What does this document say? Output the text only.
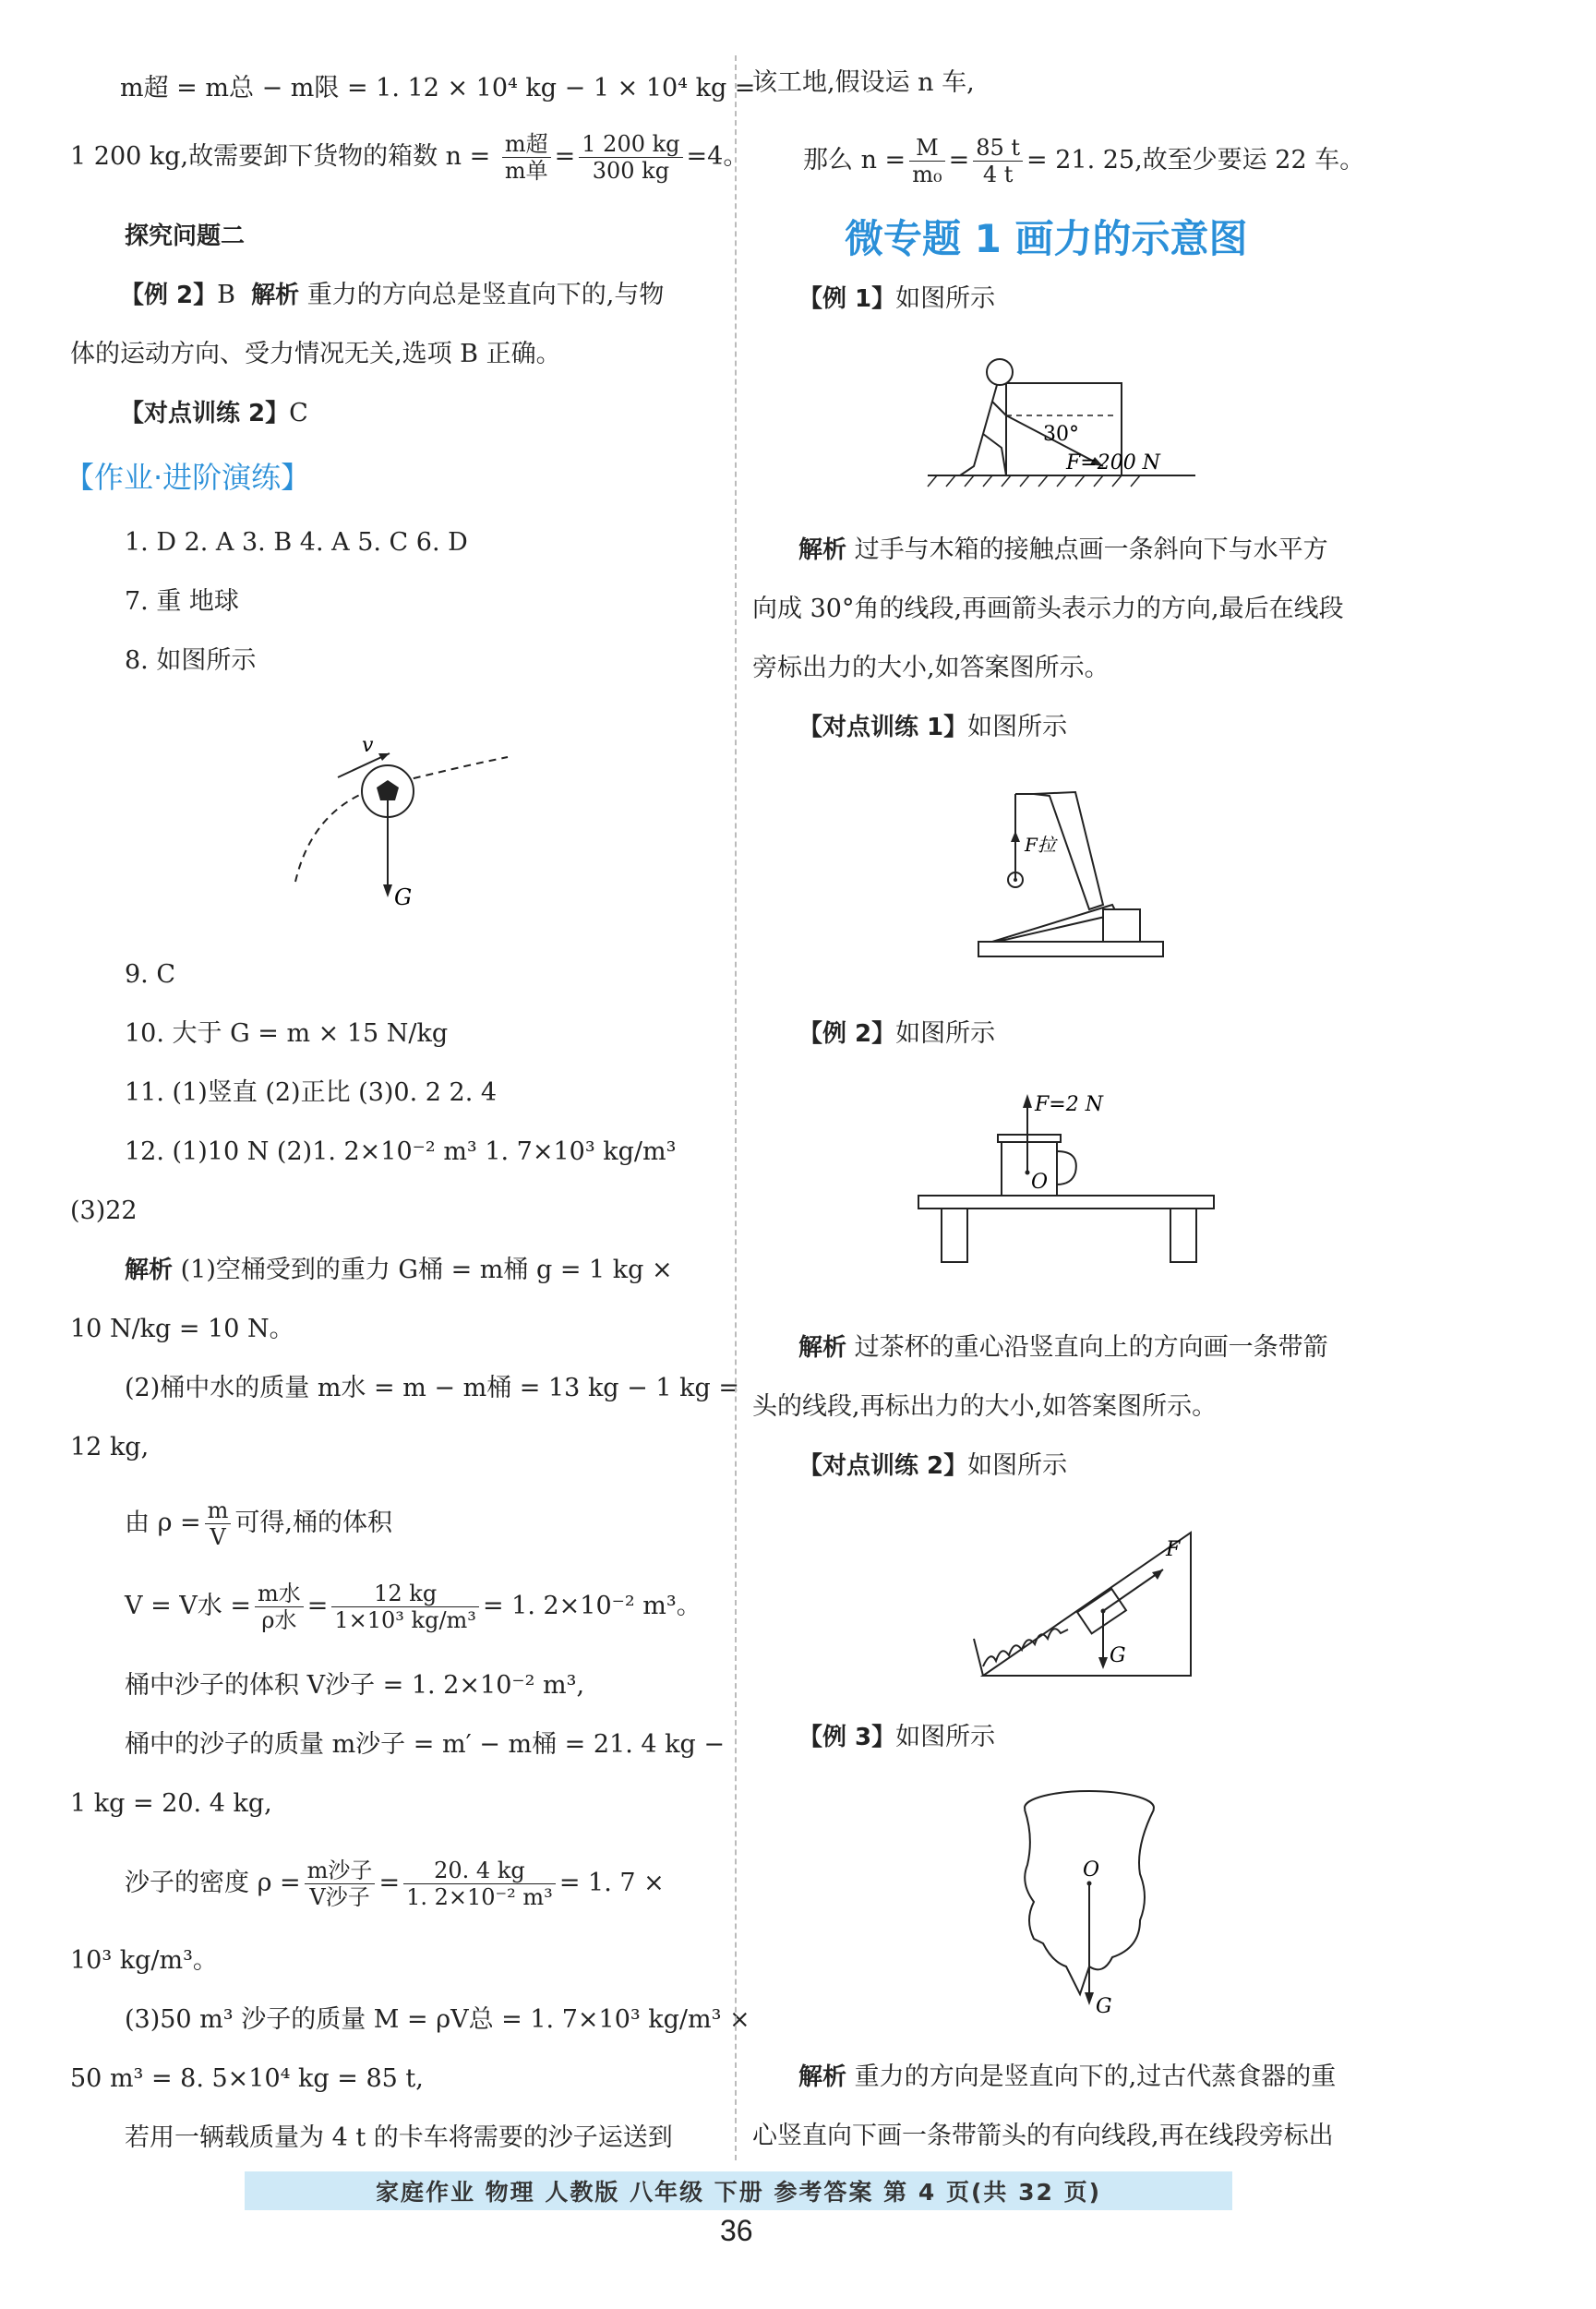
m超 = m总 − m限 = 1. 12 × 10⁴ kg − 1 × 10⁴ kg =
1 200 kg,故需要卸下货物的箱数 $n = \frac{\text{m超}}{\text{m单}} = \frac{1 200 kg}{300 kg} =4$。
探究问题二
【例 2】B 解析 重力的方向总是竖直向下的,与物
体的运动方向、受力情况无关,选项 B 正确。
【对点训练 2】C
【作业·进阶演练】
1. D 2. A 3. B 4. A 5. C 6. D
7. 重 地球
8. 如图所示
v
G
9. C
10. 大于 G = m × 15 N/kg
11. (1)竖直 (2)正比 (3)0. 2 2. 4
12. (1)10 N (2)1. 2×10⁻² m³ 1. 7×10³ kg/m³
(3)22
解析 (1)空桶受到的重力 G桶 = m桶 g = 1 kg ×
10 N/kg = 10 N。
(2)桶中水的质量 m水 = m − m桶 = 13 kg − 1 kg =
12 kg,
由 $\rho = \frac{m}{V}$ 可得,桶的体积
V = V水 = $\frac{\text{m水}}{\text{ρ水}} = \frac{12 kg}{\text{1×10³ kg/m³}} = 1$. 2×10⁻² m³。
桶中沙子的体积 V沙子 = 1. 2×10⁻² m³,
桶中的沙子的质量 m沙子 = m′ − m桶 = 21. 4 kg −
1 kg = 20. 4 kg,
沙子的密度 $\rho = \frac{\text{m沙子}}{\text{V沙子}} = \frac{20. 4 kg}{\text{1. 2×10⁻² m³}} = 1$. 7 ×
10³ kg/m³。
(3)50 m³ 沙子的质量 M = ρV总 = 1. 7×10³ kg/m³ ×
50 m³ = 8. 5×10⁴ kg = 85 t,
若用一辆载质量为 4 t 的卡车将需要的沙子运送到
该工地,假设运 n 车,
那么 $n = \frac{M}{\text{m₀}} = \frac{85 t}{4 t} = 21$. 25,故至少要运 22 车。
微专题 1 画力的示意图
【例 1】如图所示
30°
F=200 N
解析 过手与木箱的接触点画一条斜向下与水平方
向成 30°角的线段,再画箭头表示力的方向,最后在线段
旁标出力的大小,如答案图所示。
【对点训练 1】如图所示
F拉
【例 2】如图所示
F=2 N
O
解析 过茶杯的重心沿竖直向上的方向画一条带箭
头的线段,再标出力的大小,如答案图所示。
【对点训练 2】如图所示
F
G
【例 3】如图所示
O
G
解析 重力的方向是竖直向下的,过古代蒸食器的重
心竖直向下画一条带箭头的有向线段,再在线段旁标出
家庭作业 物理 人教版 八年级 下册 参考答案 第 4 页(共 32 页)
36
